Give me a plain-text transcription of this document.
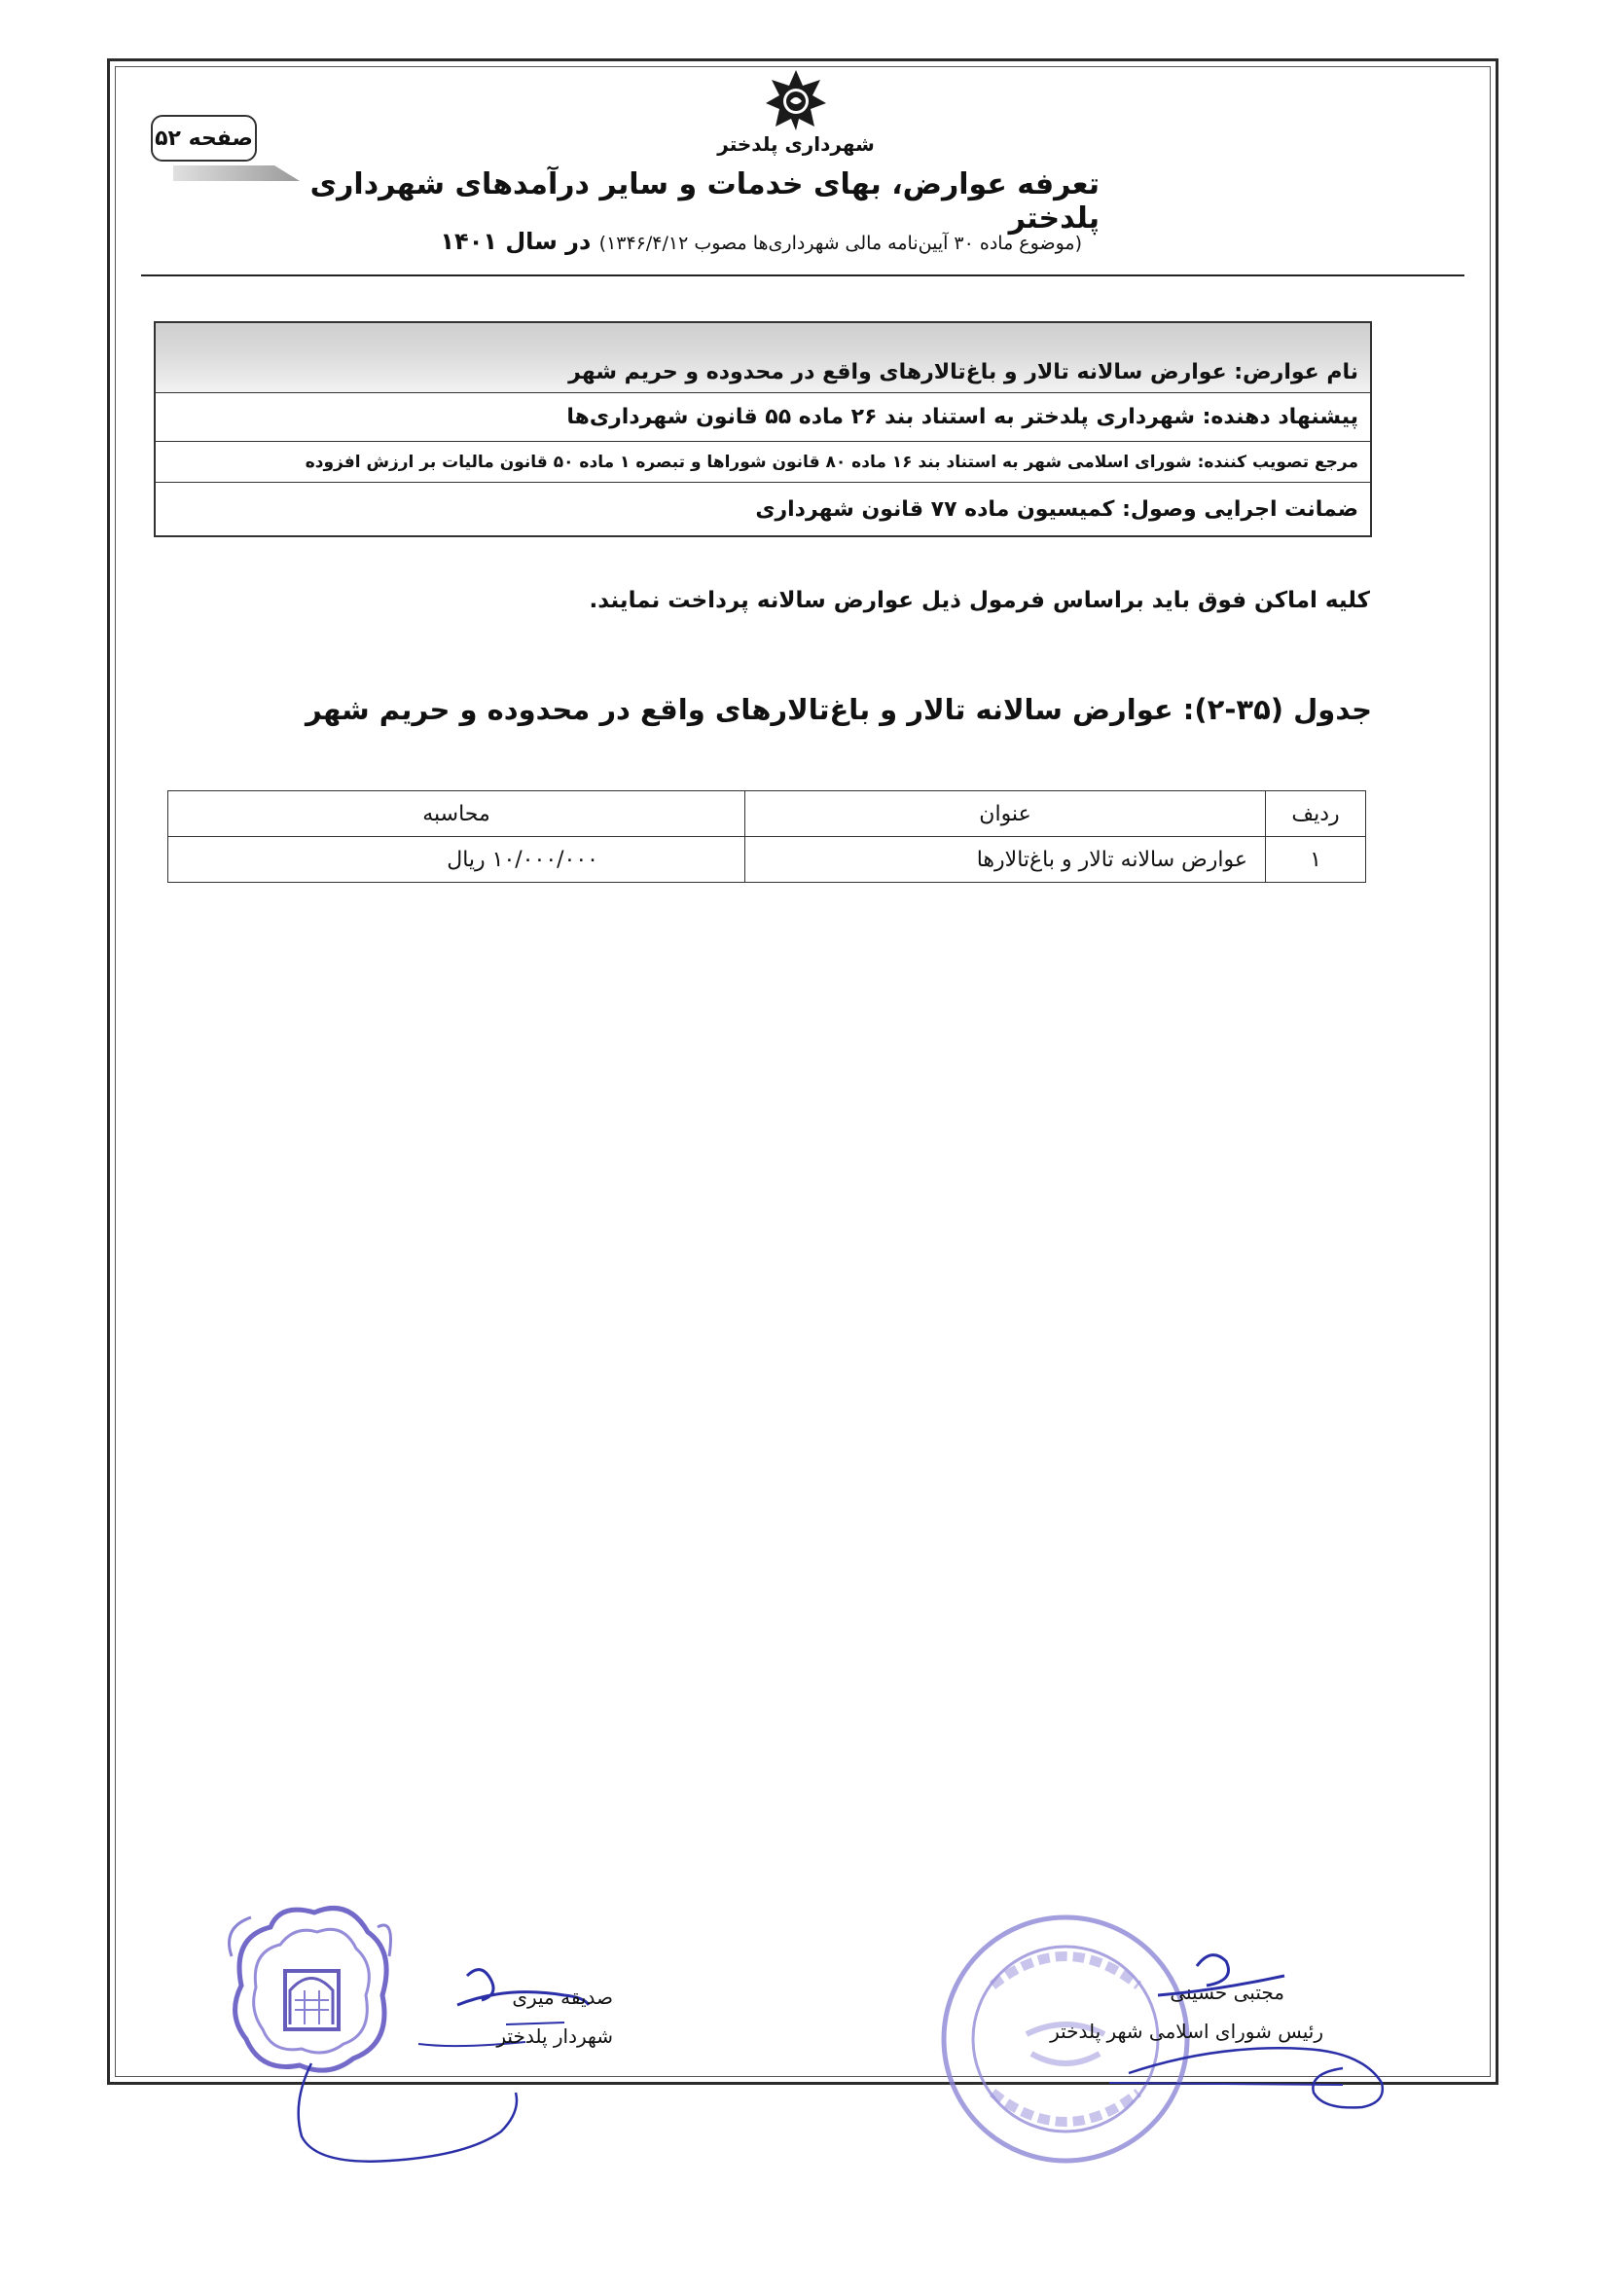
صفحه ۵۲	شهرداری پلدختر
تعرفه عوارض، بهای خدمات و سایر درآمدهای شهرداری پلدختر
(موضوع ماده ۳۰ آیین‌نامه مالی شهرداری‌ها مصوب ۱۳۴۶/۴/۱۲) در سال ۱۴۰۱
نام عوارض: عوارض سالانه تالار و باغ‌تالارهای واقع در محدوده و حریم شهر
پیشنهاد دهنده: شهرداری پلدختر به استناد بند ۲۶ ماده ۵۵ قانون شهرداری‌ها
مرجع تصویب کننده: شورای اسلامی شهر به استناد بند ۱۶ ماده ۸۰ قانون شوراها و تبصره ۱ ماده ۵۰ قانون مالیات بر ارزش افزوده
ضمانت اجرایی وصول: کمیسیون ماده ۷۷ قانون شهرداری
کلیه اماکن فوق باید براساس فرمول ذیل عوارض سالانه پرداخت نمایند.
جدول (۳۵-۲): عوارض سالانه تالار و باغ‌تالارهای واقع در محدوده و حریم شهر
ردیف	عنوان	محاسبه
۱	عوارض سالانه تالار و باغ‌تالارها	۱۰/۰۰۰/۰۰۰ ریال
صدیقه میری
شهردار پلدختر
مجتبی حسینی
رئیس شورای اسلامی شهر پلدختر
